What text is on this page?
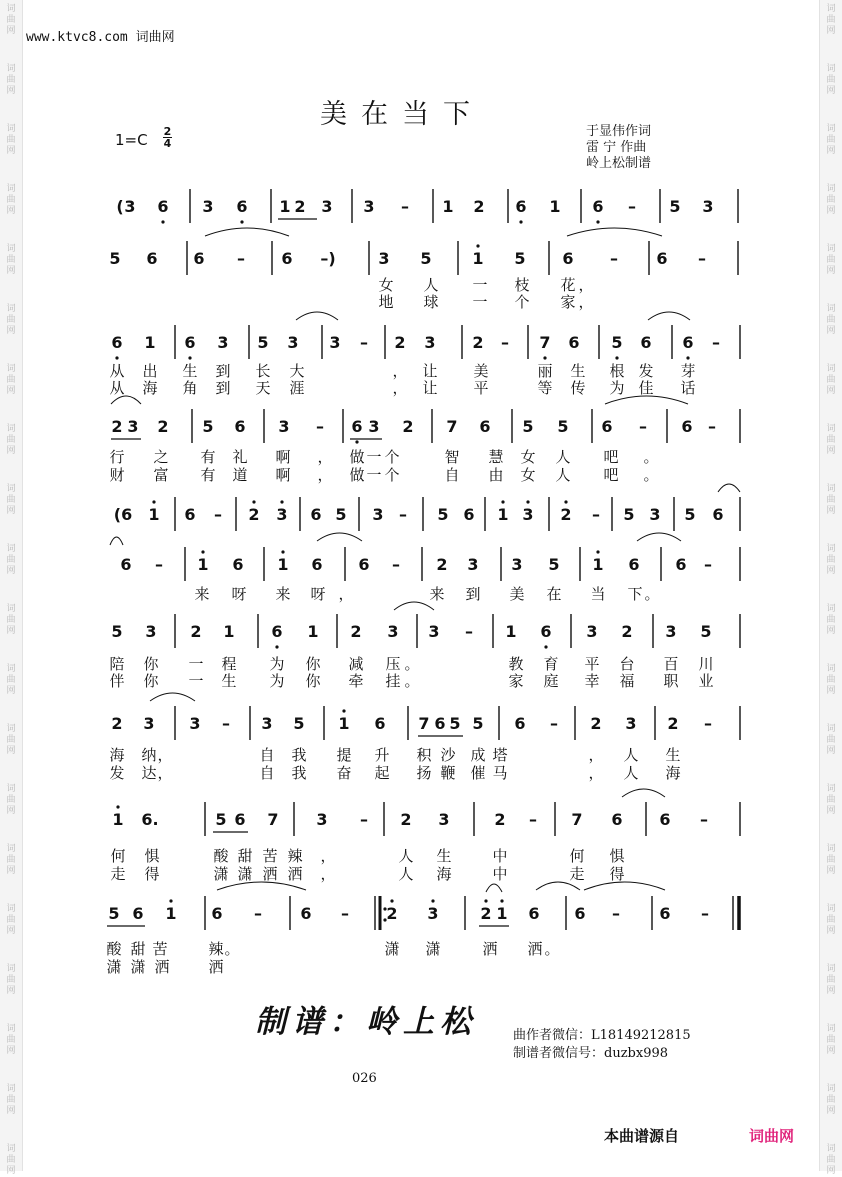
词
曲
网
词
曲
网
词
曲
网
词
曲
网
词
曲
网
词
曲
网
词
曲
网
词
曲
网
词
曲
网
词
曲
网
词
曲
网
词
曲
网
词
曲
网
词
曲
网
词
曲
网
词
曲
网
词
曲
网
词
曲
网
词
曲
网
词
曲
网
词
曲
网
词
曲
网
词
曲
网
词
曲
网
词
曲
网
词
曲
网
词
曲
网
词
曲
网
词
曲
网
词
曲
网
词
曲
网
词
曲
网
词
曲
网
词
曲
网
词
曲
网
词
曲
网
词
曲
网
词
曲
网
词
曲
网
词
曲
网
www.ktvc8.com 词曲网
美在当下
1=C 2
4
于显伟作词
雷 宁 作曲
岭上松制谱
( 3 6 3 6 1 2 3 3 – 1 2 6 1 6 – 5 3
5 6 6 – 6 –)	3 5	1 5 6 – 6 –
6 1 6 3 5 3 3 – 2 3 2 – 7 6 5 6 6 –
2 3 2 5 6 3 – 6 3 2 7 6 5 5 6 – 6 –
(6 1 6 – 2 3 6 5 3 – 5 6 1 3 2 – 5 3 5 6
6 – 1 6 1 6 6 – 2 3 3 5 1 6 6 –
5 3 2 1 6 1 2 3 3 – 1 6 3 2 3 5
2 3 3 – 3 5 1 6 7 6 5 5 6 – 2 3 2 –
1 6.	5 6 7 3 – 2 3	2 – 7 6 6 –
5 6 1 6 – 6 – 2 3	2 1 6 6 – 6 –
女 人 一 枝 花 ，
地 球 一 个 家 ，
从 出 生 到 长 大	， 让 美	丽 生 根 发 芽
从 海 角 到 天 涯	， 让 平	等 传 为 佳 话
行 之 有 礼 啊 ， 做 一 个	智 慧 女 人 吧 。
财 富 有 道 啊 ， 做 一 个	自 由 女 人 吧 。
来 呀 来 呀 ，	来 到 美 在 当 下 。
陪 你 一 程 为 你 减 压 。	教 育 平 台 百 川
伴 你 一 生 为 你 牵 挂 。	家 庭 幸 福 职 业
海 纳 ，	自 我 提 升 积 沙 成 塔	， 人 生
发 达 ，	自 我 奋 起 扬 鞭 催 马	， 人 海
何 惧	酸 甜 苦 辣 ，	人 生	中	何 惧
走 得	潇 潇 洒 洒 ，	人 海	中	走 得
酸 甜 苦	辣 。	潇 潇	洒 洒 。
潇 潇 洒	洒
制谱：岭上松	曲作者微信：L18149212815
制谱者微信号：duzbx998
026
本曲谱源自	词曲网
